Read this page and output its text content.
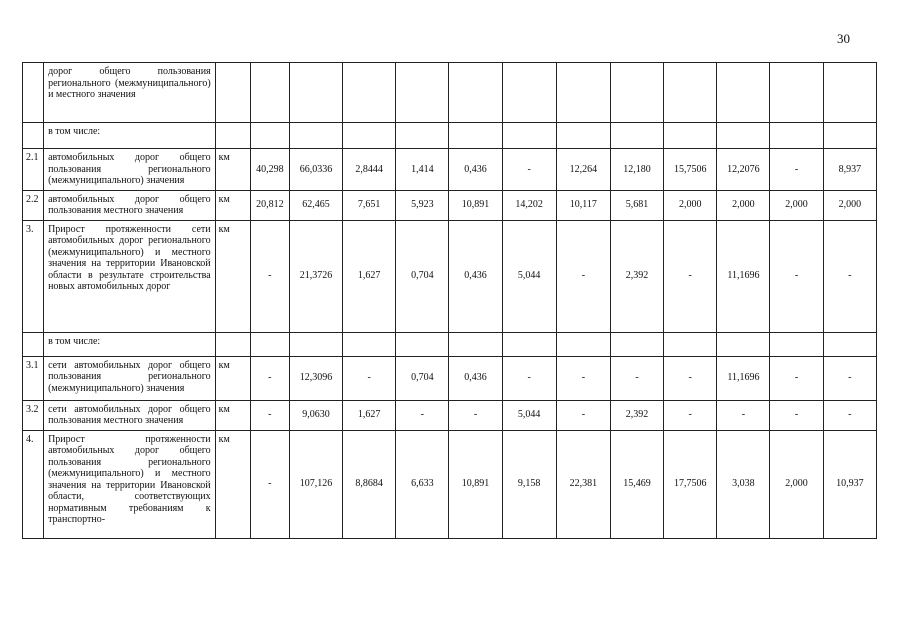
30
	дорог общего пользования регионального (межмуниципального) и местного значения													
	в том числе:													
2.1	автомобильных дорог общего пользования регионального (межмуниципального) значения	км	40,298	66,0336	2,8444	1,414	0,436	-	12,264	12,180	15,7506	12,2076	-	8,937
2.2	автомобильных дорог общего пользования местного значения	км	20,812	62,465	7,651	5,923	10,891	14,202	10,117	5,681	2,000	2,000	2,000	2,000
3.	Прирост протяженности сети автомобильных дорог регионального (межмуниципального) и местного значения на территории Ивановской области в результате строительства новых автомобильных дорог	км	-	21,3726	1,627	0,704	0,436	5,044	-	2,392	-	11,1696	-	-
	в том числе:													
3.1	сети автомобильных дорог общего пользования регионального (межмуниципального) значения	км	-	12,3096	-	0,704	0,436	-	-	-	-	11,1696	-	-
3.2	сети автомобильных дорог общего пользования местного значения	км	-	9,0630	1,627	-	-	5,044	-	2,392	-	-	-	-
4.	Прирост протяженности автомобильных дорог общего пользования регионального (межмуниципального) и местного значения на территории Ивановской области, соответствующих нормативным требованиям к транспортно-	км	-	107,126	8,8684	6,633	10,891	9,158	22,381	15,469	17,7506	3,038	2,000	10,937
